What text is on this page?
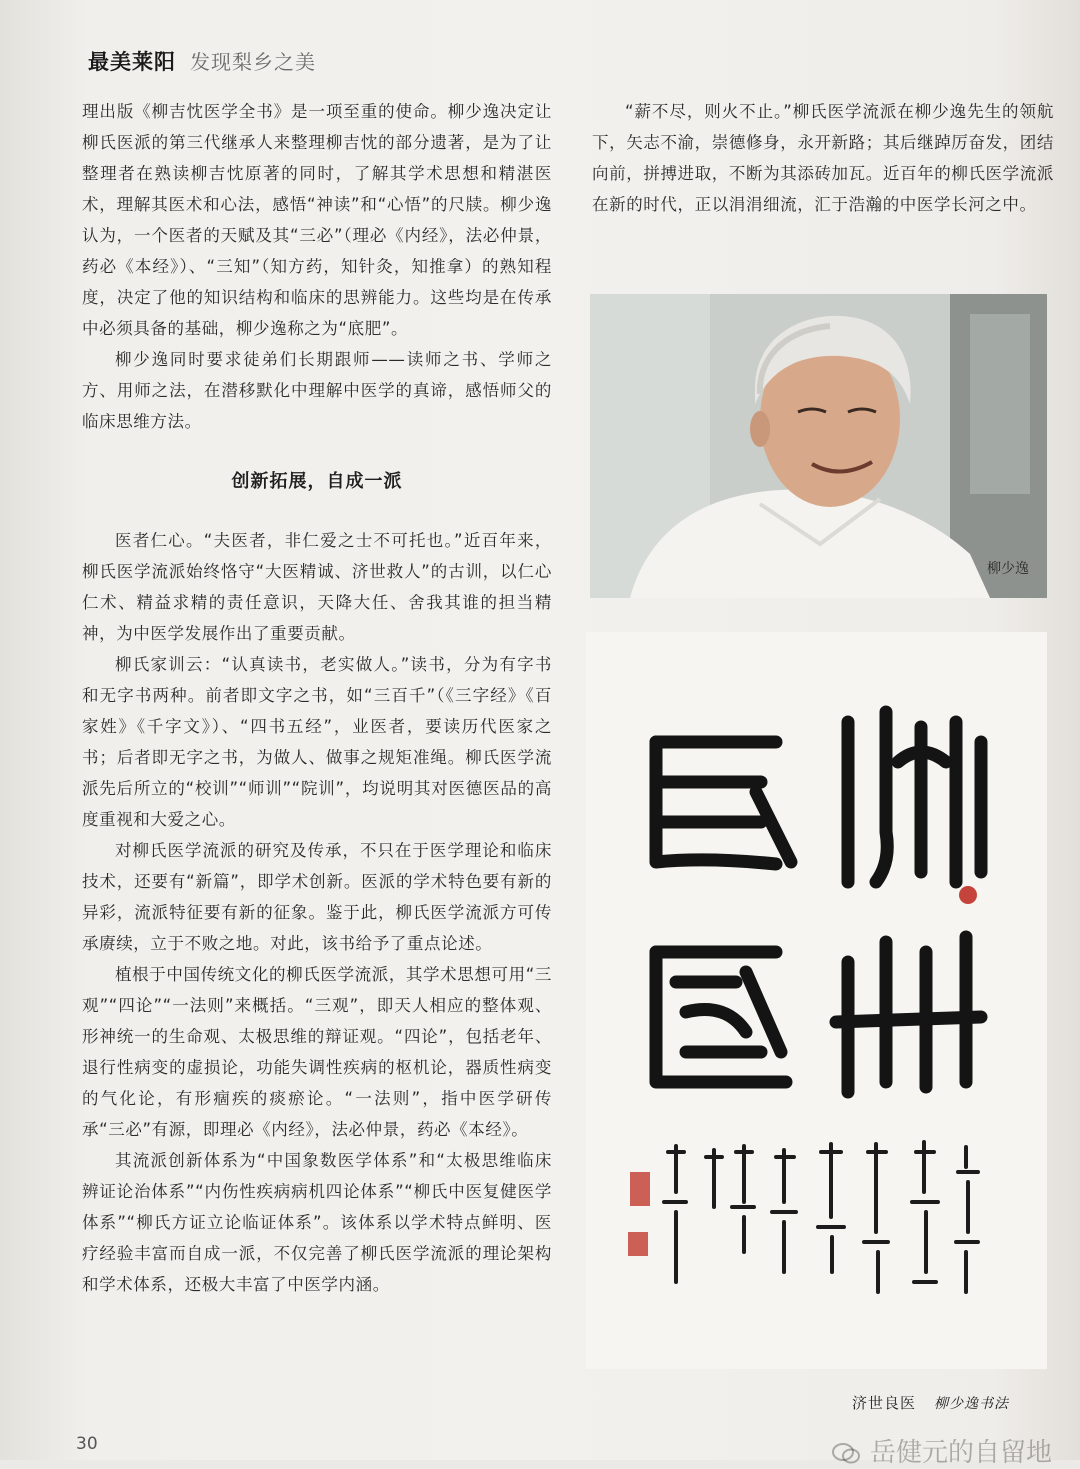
最美莱阳 发现梨乡之美

理出版《柳吉忱医学全书》是一项至重的使命。柳少逸决定让柳氏医派的第三代继承人来整理柳吉忱的部分遗著，是为了让整理者在熟读柳吉忱原著的同时，了解其学术思想和精湛医术，理解其医术和心法，感悟“神读”和“心悟”的尺牍。柳少逸认为，一个医者的天赋及其“三必”（理必《内经》，法必仲景，药必《本经》）、“三知”（知方药，知针灸，知推拿）的熟知程度，决定了他的知识结构和临床的思辨能力。这些均是在传承中必须具备的基础，柳少逸称之为“底肥”。

柳少逸同时要求徒弟们长期跟师——读师之书、学师之方、用师之法，在潜移默化中理解中医学的真谛，感悟师父的临床思维方法。

创新拓展，自成一派

医者仁心。“夫医者，非仁爱之士不可托也。”近百年来，柳氏医学流派始终恪守“大医精诚、济世救人”的古训，以仁心仁术、精益求精的责任意识，天降大任、舍我其谁的担当精神，为中医学发展作出了重要贡献。

柳氏家训云：“认真读书，老实做人。”读书，分为有字书和无字书两种。前者即文字之书，如“三百千”（《三字经》《百家姓》《千字文》）、“四书五经”，业医者，要读历代医家之书；后者即无字之书，为做人、做事之规矩准绳。柳氏医学流派先后所立的“校训”“师训”“院训”，均说明其对医德医品的高度重视和大爱之心。

对柳氏医学流派的研究及传承，不只在于医学理论和临床技术，还要有“新篇”，即学术创新。医派的学术特色要有新的异彩，流派特征要有新的征象。鉴于此，柳氏医学流派方可传承赓续，立于不败之地。对此，该书给予了重点论述。

植根于中国传统文化的柳氏医学流派，其学术思想可用“三观”“四论”“一法则”来概括。“三观”，即天人相应的整体观、形神统一的生命观、太极思维的辩证观。“四论”，包括老年、退行性病变的虚损论，功能失调性疾病的枢机论，器质性病变的气化论，有形痼疾的痰瘀论。“一法则”，指中医学研传承“三必”有源，即理必《内经》，法必仲景，药必《本经》。

其流派创新体系为“中国象数医学体系”和“太极思维临床辨证论治体系”“内伤性疾病病机四论体系”“柳氏中医复健医学体系”“柳氏方证立论临证体系”。该体系以学术特点鲜明、医疗经验丰富而自成一派，不仅完善了柳氏医学流派的理论架构和学术体系，还极大丰富了中医学内涵。

“薪不尽，则火不止。”柳氏医学流派在柳少逸先生的领航下，矢志不渝，崇德修身，永开新路；其后继踔厉奋发，团结向前，拼搏进取，不断为其添砖加瓦。近百年的柳氏医学流派在新的时代，正以涓涓细流，汇于浩瀚的中医学长河之中。

柳少逸
济世良医 柳少逸书法
30	岳健元的自留地
